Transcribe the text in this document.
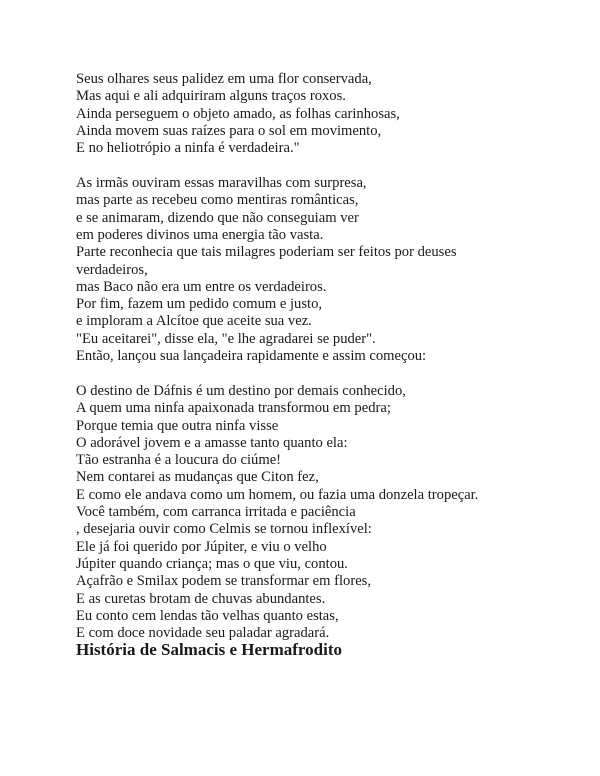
Seus olhares seus palidez em uma flor conservada,
Mas aqui e ali adquiriram alguns traços roxos.
Ainda perseguem o objeto amado, as folhas carinhosas,
Ainda movem suas raízes para o sol em movimento,
E no heliotrópio a ninfa é verdadeira."
As irmãs ouviram essas maravilhas com surpresa,
mas parte as recebeu como mentiras românticas,
e se animaram, dizendo que não conseguiam ver
em poderes divinos uma energia tão vasta.
Parte reconhecia que tais milagres poderiam ser feitos por deuses
verdadeiros,
mas Baco não era um entre os verdadeiros.
Por fim, fazem um pedido comum e justo,
e imploram a Alcítoe que aceite sua vez.
"Eu aceitarei", disse ela, "e lhe agradarei se puder".
Então, lançou sua lançadeira rapidamente e assim começou:
O destino de Dáfnis é um destino por demais conhecido,
A quem uma ninfa apaixonada transformou em pedra;
Porque temia que outra ninfa visse
O adorável jovem e a amasse tanto quanto ela:
Tão estranha é a loucura do ciúme!
Nem contarei as mudanças que Citon fez,
E como ele andava como um homem, ou fazia uma donzela tropeçar.
Você também, com carranca irritada e paciência
, desejaria ouvir como Celmis se tornou inflexível:
Ele já foi querido por Júpiter, e viu o velho
Júpiter quando criança; mas o que viu, contou.
Açafrão e Smilax podem se transformar em flores,
E as curetas brotam de chuvas abundantes.
Eu conto cem lendas tão velhas quanto estas,
E com doce novidade seu paladar agradará.
História de Salmacis e Hermafrodito
